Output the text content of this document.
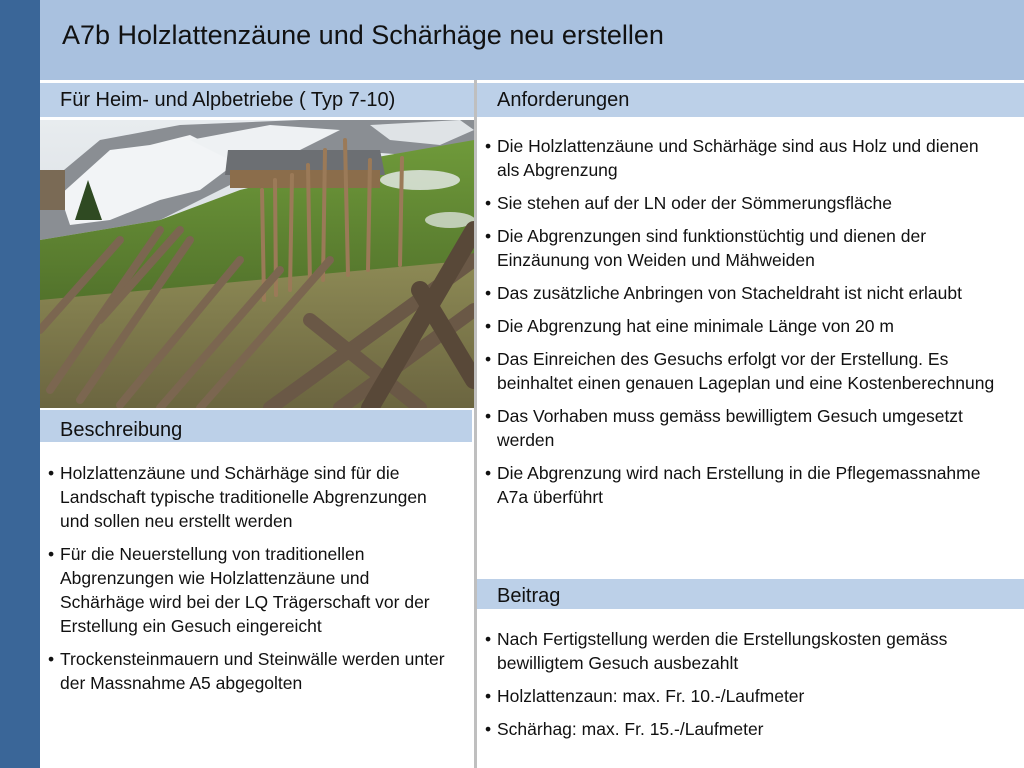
A7b Holzlattenzäune und Schärhäge neu erstellen
Für Heim- und Alpbetriebe ( Typ 7-10)	Anforderungen
Beschreibung
• Holzlattenzäune und Schärhäge sind für die Landschaft typische traditionelle Abgrenzungen und sollen neu erstellt werden
• Für die Neuerstellung von traditionellen Abgrenzungen wie Holzlattenzäune und Schärhäge wird bei der LQ Trägerschaft vor der Erstellung ein Gesuch eingereicht
• Trockensteinmauern und Steinwälle werden unter der Massnahme A5 abgegolten
• Die Holzlattenzäune und Schärhäge sind aus Holz und dienen als Abgrenzung
• Sie stehen auf der LN oder der Sömmerungsfläche
• Die Abgrenzungen sind funktionstüchtig und dienen der Einzäunung von Weiden und Mähweiden
• Das zusätzliche Anbringen von Stacheldraht ist nicht erlaubt
• Die Abgrenzung hat eine minimale Länge von 20 m
• Das Einreichen des Gesuchs erfolgt vor der Erstellung. Es beinhaltet einen genauen Lageplan und eine Kostenberechnung
• Das Vorhaben muss gemäss bewilligtem Gesuch umgesetzt werden
• Die Abgrenzung wird nach Erstellung in die Pflegemassnahme A7a überführt
Beitrag
• Nach Fertigstellung werden die Erstellungskosten gemäss bewilligtem Gesuch ausbezahlt
• Holzlattenzaun: max. Fr. 10.-/Laufmeter
• Schärhag: max. Fr. 15.-/Laufmeter
